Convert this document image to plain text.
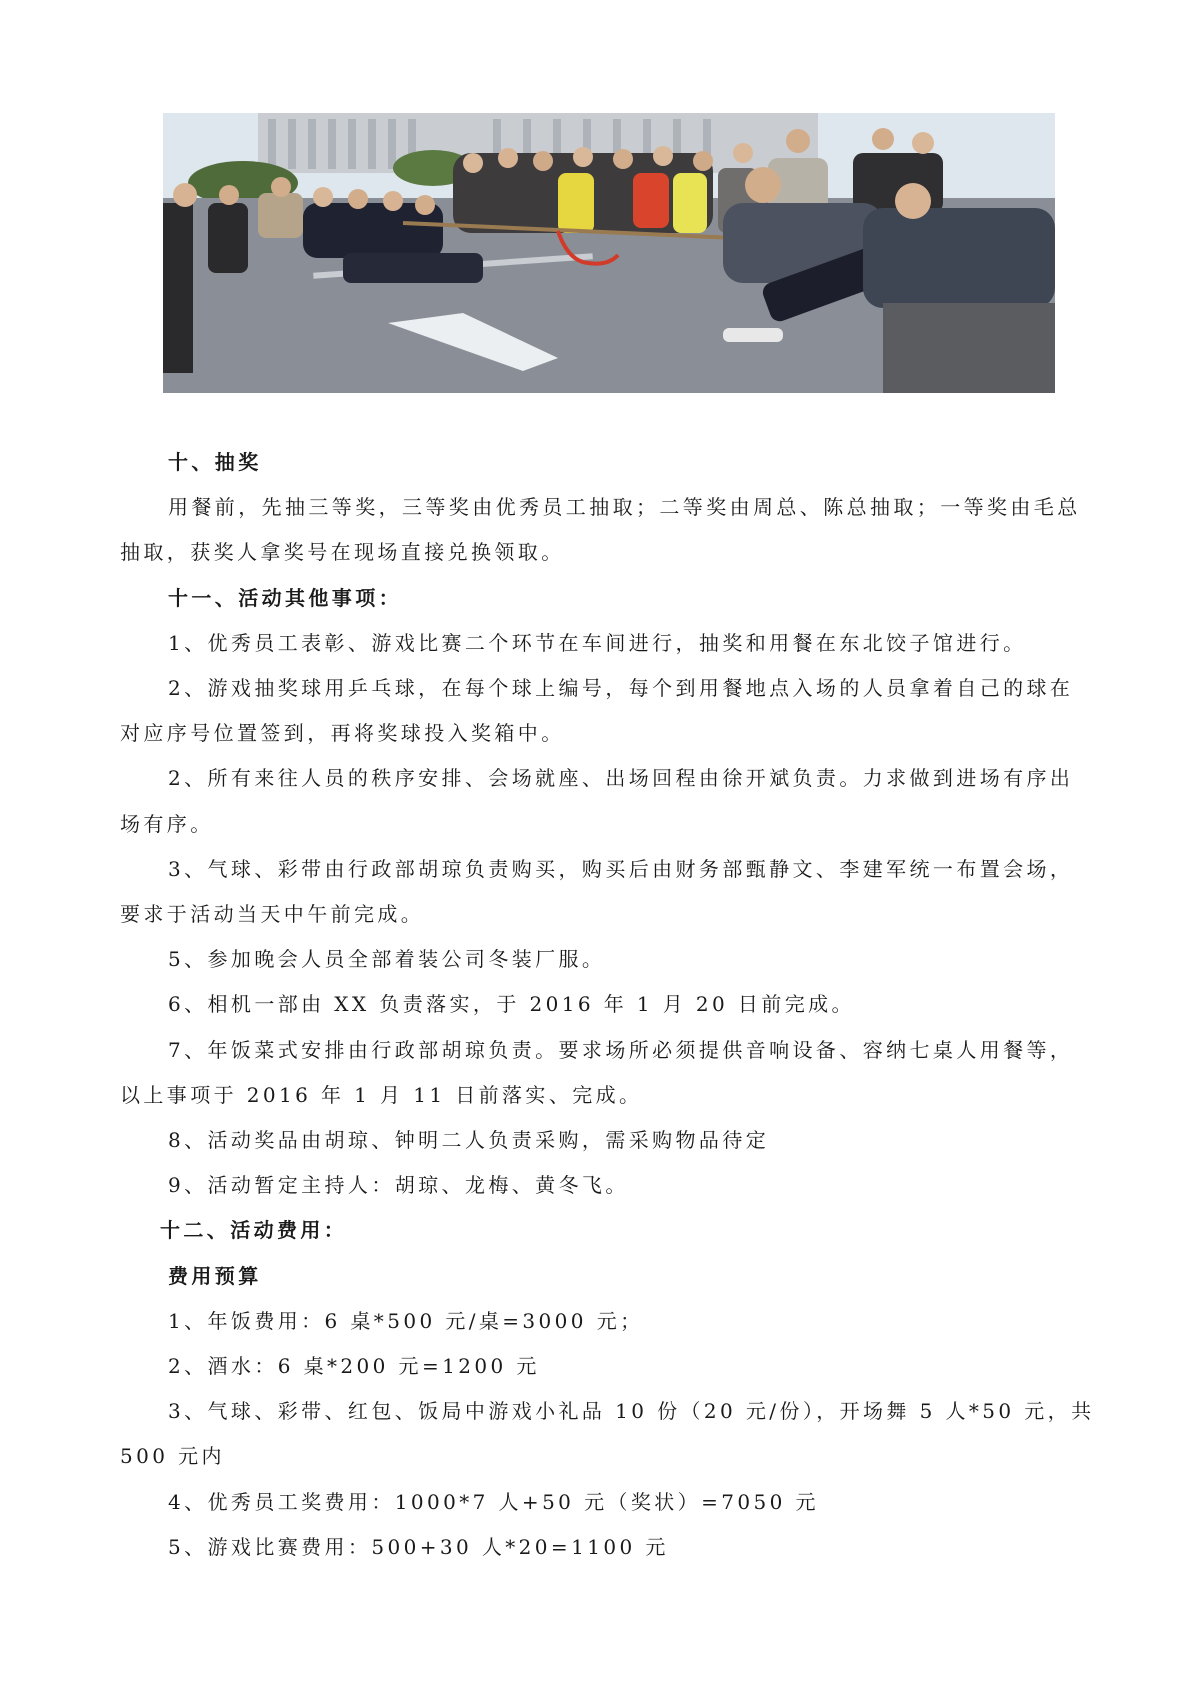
十、抽奖

用餐前，先抽三等奖，三等奖由优秀员工抽取；二等奖由周总、陈总抽取；一等奖由毛总抽取，获奖人拿奖号在现场直接兑换领取。

十一、活动其他事项：

1、优秀员工表彰、游戏比赛二个环节在车间进行，抽奖和用餐在东北饺子馆进行。

2、游戏抽奖球用乒乓球，在每个球上编号，每个到用餐地点入场的人员拿着自己的球在对应序号位置签到，再将奖球投入奖箱中。

2、所有来往人员的秩序安排、会场就座、出场回程由徐开斌负责。力求做到进场有序出场有序。

3、气球、彩带由行政部胡琼负责购买，购买后由财务部甄静文、李建军统一布置会场，要求于活动当天中午前完成。

5、参加晚会人员全部着装公司冬装厂服。

6、相机一部由 XX 负责落实，于 2016 年 1 月 20 日前完成。

7、年饭菜式安排由行政部胡琼负责。要求场所必须提供音响设备、容纳七桌人用餐等，以上事项于 2016 年 1 月 11 日前落实、完成。

8、活动奖品由胡琼、钟明二人负责采购，需采购物品待定

9、活动暂定主持人：胡琼、龙梅、黄冬飞。

十二、活动费用：

费用预算

1、年饭费用：6 桌*500 元/桌=3000 元；

2、酒水：6 桌*200 元=1200 元

3、气球、彩带、红包、饭局中游戏小礼品 10 份（20 元/份），开场舞 5 人*50 元，共 500 元内

4、优秀员工奖费用：1000*7 人+50 元（奖状）=7050 元

5、游戏比赛费用：500+30 人*20=1100 元
